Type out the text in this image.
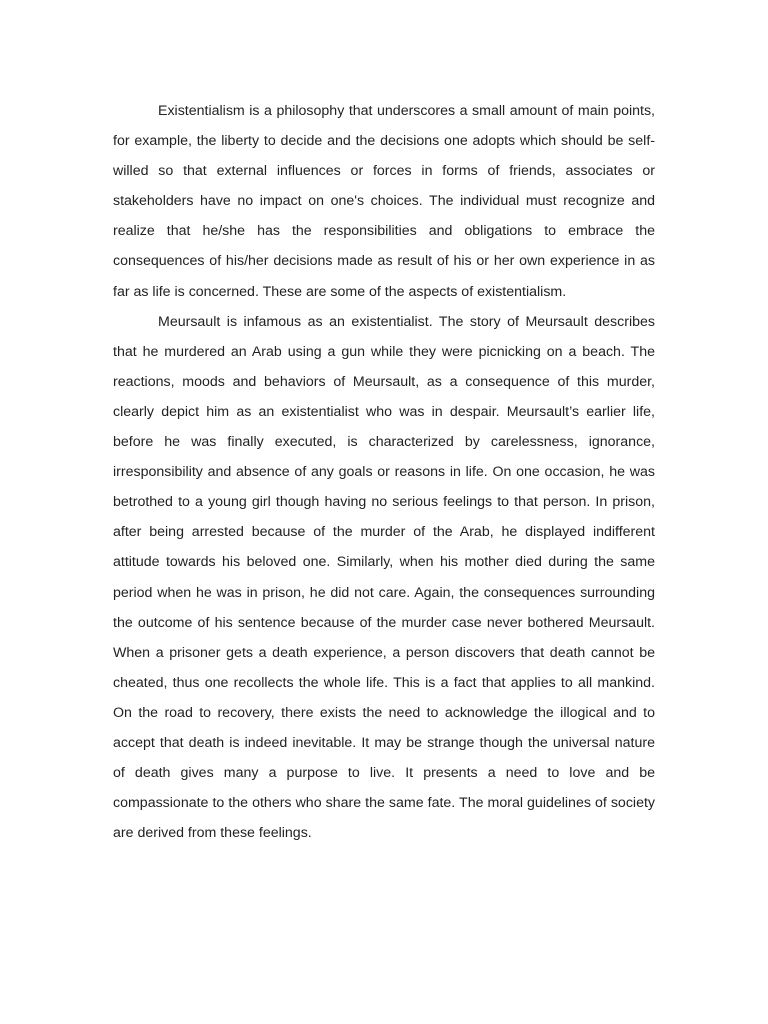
Existentialism is a philosophy that underscores a small amount of main points, for example, the liberty to decide and the decisions one adopts which should be self-willed so that external influences or forces in forms of friends, associates or stakeholders have no impact on one's choices. The individual must recognize and realize that he/she has the responsibilities and obligations to embrace the consequences of his/her decisions made as result of his or her own experience in as far as life is concerned. These are some of the aspects of existentialism.

Meursault is infamous as an existentialist. The story of Meursault describes that he murdered an Arab using a gun while they were picnicking on a beach. The reactions, moods and behaviors of Meursault, as a consequence of this murder, clearly depict him as an existentialist who was in despair. Meursault’s earlier life, before he was finally executed, is characterized by carelessness, ignorance, irresponsibility and absence of any goals or reasons in life. On one occasion, he was betrothed to a young girl though having no serious feelings to that person. In prison, after being arrested because of the murder of the Arab, he displayed indifferent attitude towards his beloved one. Similarly, when his mother died during the same period when he was in prison, he did not care. Again, the consequences surrounding the outcome of his sentence because of the murder case never bothered Meursault. When a prisoner gets a death experience, a person discovers that death cannot be cheated, thus one recollects the whole life. This is a fact that applies to all mankind. On the road to recovery, there exists the need to acknowledge the illogical and to accept that death is indeed inevitable. It may be strange though the universal nature of death gives many a purpose to live. It presents a need to love and be compassionate to the others who share the same fate. The moral guidelines of society are derived from these feelings.
